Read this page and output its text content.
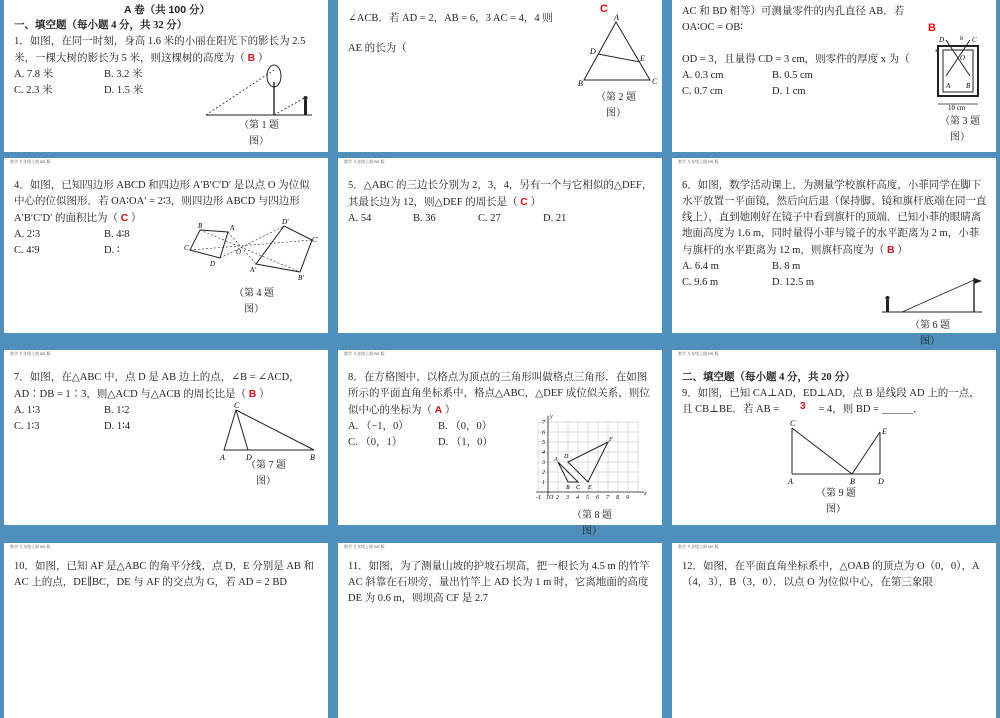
A 卷（共 100 分）

一、填空题（每小题 4 分，共 32 分）

1．如图，在同一时刻，身高 1.6 米的小丽在阳光下的影长为 2.5 米，一棵大树的影长为 5 米，则这棵树的高度为（ B ）

A. 7.8 米	B. 3.2 米
C. 2.3 米	D. 1.5 米
（第 1 题 图）

∠ACB．若 AD = 2，AB = 6，3 AC = 4，4 则 AE 的长为（

C
A
D
E
B	C
（第 2 题 图）

AC 和 BD 相等）可测量零件的内孔直径 AB．若 OA∶OC = OB∶

OD = 3，且量得 CD = 3 cm，则零件的厚度 x 为（

A. 0.3 cm	B. 0.5 cm
C. 0.7 cm	D. 1 cm
B
10 cm
D	C
O
A B
x
b
（第 3 题 图）
数学 九年级上册 BS 版

4．如图，已知四边形 ABCD 和四边形 A′B′C′D′ 是以点 O 为位似中心的位似图形．若 OA∶OA′ = 2∶3，则四边形 ABCD 与四边形 A′B′C′D′ 的面积比为（ C ）

A. 2∶3	B. 4∶8
C. 4∶9	D. ∶
A
B
C
D
O
A′
B′
C′
D′
（第 4 题 图）
数学 九年级上册 BS 版

5．△ABC 的三边长分别为 2，3，4，另有一个与它相似的△DEF，其最长边为 12，则△DEF 的周长是（ C ）

A. 54	B. 36	C. 27	D. 21
数学 九年级上册 BS 版

6．如图，数学活动课上，为测量学校旗杆高度，小菲同学在脚下水平放置一平面镜，然后向后退（保持脚、镜和旗杆底端在同一直线上），直到她刚好在镜子中看到旗杆的顶端．已知小菲的眼睛离地面高度为 1.6 m，同时量得小菲与镜子的水平距离为 2 m，小菲与旗杆的水平距离为 12 m，则旗杆高度为（ B ）

A. 6.4 m	B. 8 m
C. 9.6 m	D. 12.5 m
（第 6 题 图）
数学 九年级上册 BS 版

7．如图，在△ABC 中，点 D 是 AB 边上的点，∠B = ∠ACD，AD∶DB = 1∶3，则△ACD 与△ACB 的周长比是（ B ）

A. 1∶3	B. 1∶2
C. 1∶3	D. 1∶4
C
A	D	B
（第 7 题 图）
数学 九年级上册 BS 版

8．在方格图中，以格点为顶点的三角形叫做格点三角形．在如图所示的平面直角坐标系中，格点△ABC，△DEF 成位似关系，则位似中心的坐标为（ A ）

A. （−1，0）	B. （0，0）
C. （0，1）	D. （1，0）
x
y
7
6
5
4
3
2
1
-1 1 2 3 4 5 6 7 8 9
O
A
B C
D
E
F
（第 8 题 图）
数学 九年级上册 BS 版

二、填空题（每小题 4 分，共 20 分）

9．如图，已知 CA⊥AD，ED⊥AD，点 B 是线段 AD 上的一点，

且 CB⊥BE．若 AB = 3 = 4，则 BD = ______．

C
E
A	B	D
（第 9 题 图）
数学 九年级上册 BS 版

10．如图，已知 AF 是△ABC 的角平分线，点 D，E 分别是 AB 和 AC 上的点，DE∥BC，DE 与 AF 的交点为 G，若 AD = 2 BD

数学 九年级上册 BS 版

11．如图，为了测量山坡的护坡石坝高，把一根长为 4.5 m 的竹竿 AC 斜靠在石坝旁，量出竹竿上 AD 长为 1 m 时，它离地面的高度 DE 为 0.6 m，则坝高 CF 是 2.7

数学 九年级上册 BS 版

12．如图，在平面直角坐标系中，△OAB 的顶点为 O（0，0），A（4，3），B（3，0）．以点 O 为位似中心，在第三象限
